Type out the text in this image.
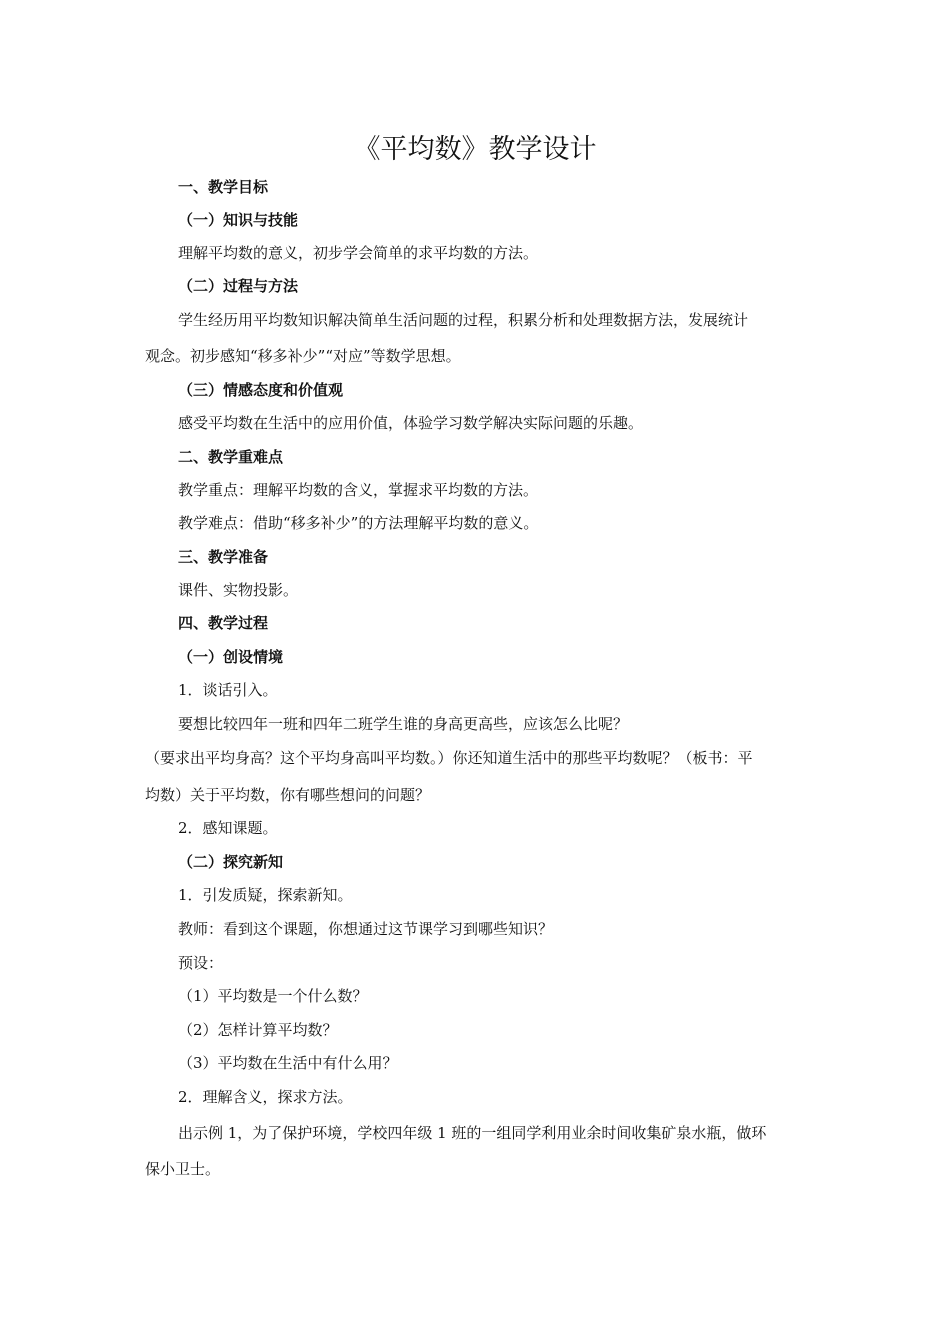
《平均数》教学设计

一、教学目标

（一）知识与技能

理解平均数的意义，初步学会简单的求平均数的方法。

（二）过程与方法

学生经历用平均数知识解决简单生活问题的过程，积累分析和处理数据方法，发展统计

观念。初步感知“移多补少”“对应”等数学思想。

（三）情感态度和价值观

感受平均数在生活中的应用价值，体验学习数学解决实际问题的乐趣。

二、教学重难点

教学重点：理解平均数的含义，掌握求平均数的方法。

教学难点：借助“移多补少”的方法理解平均数的意义。

三、教学准备

课件、实物投影。

四、教学过程

（一）创设情境

1．谈话引入。

要想比较四年一班和四年二班学生谁的身高更高些，应该怎么比呢？

（要求出平均身高？这个平均身高叫平均数。）你还知道生活中的那些平均数呢？（板书：平

均数）关于平均数，你有哪些想问的问题？

2．感知课题。

（二）探究新知

1．引发质疑，探索新知。

教师：看到这个课题，你想通过这节课学习到哪些知识？

预设：

（1）平均数是一个什么数？

（2）怎样计算平均数？

（3）平均数在生活中有什么用？

2．理解含义，探求方法。

出示例 1，为了保护环境，学校四年级 1 班的一组同学利用业余时间收集矿泉水瓶，做环

保小卫士。
